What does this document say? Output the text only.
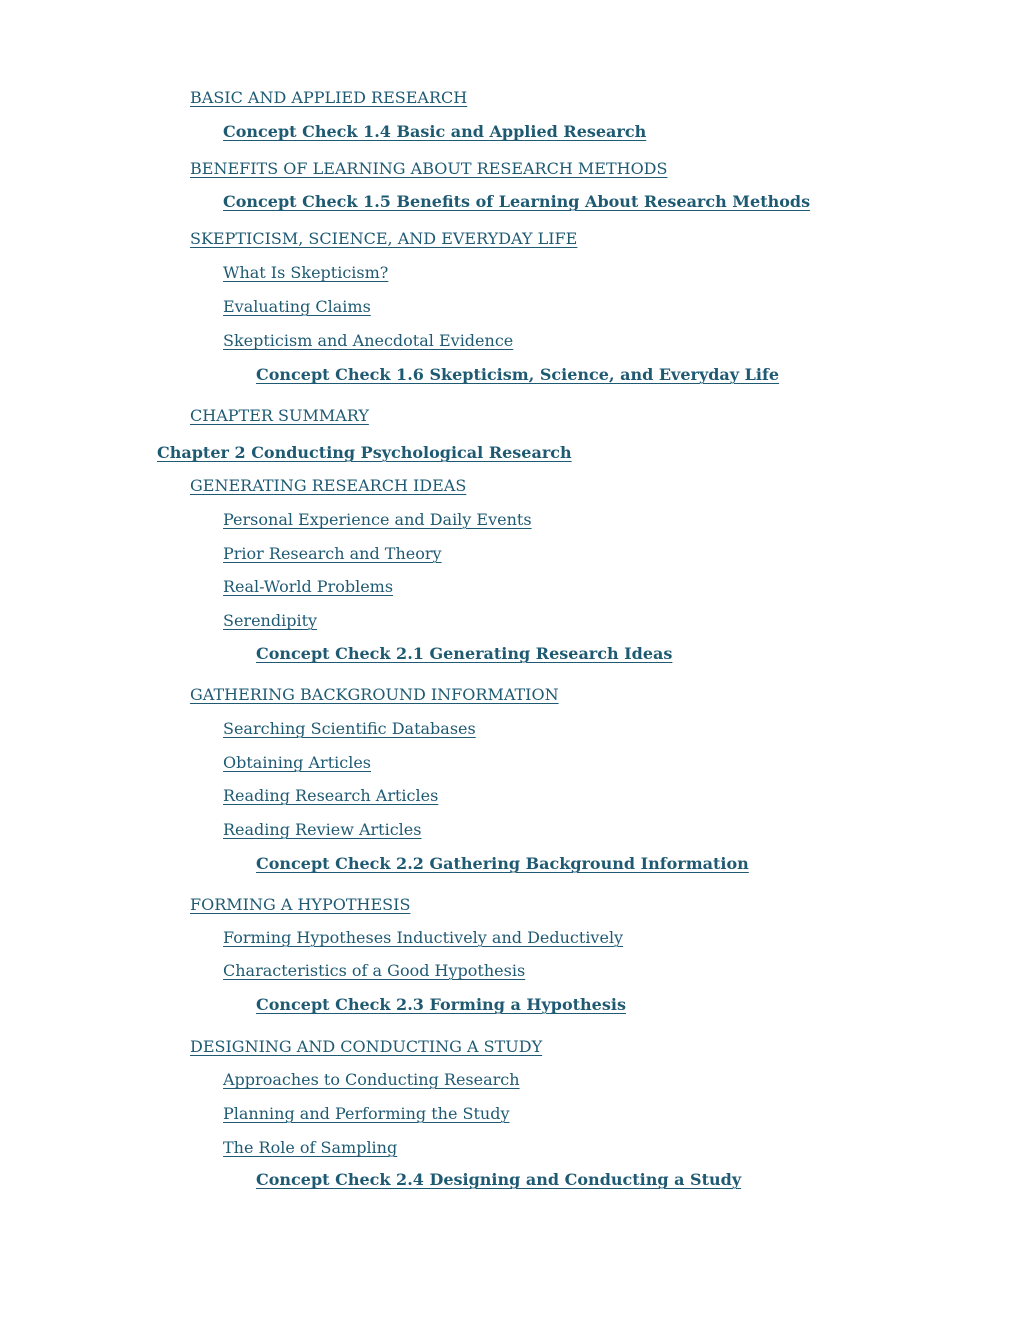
BASIC AND APPLIED RESEARCH
Concept Check 1.4 Basic and Applied Research
BENEFITS OF LEARNING ABOUT RESEARCH METHODS
Concept Check 1.5 Benefits of Learning About Research Methods
SKEPTICISM, SCIENCE, AND EVERYDAY LIFE
What Is Skepticism?
Evaluating Claims
Skepticism and Anecdotal Evidence
Concept Check 1.6 Skepticism, Science, and Everyday Life
CHAPTER SUMMARY
Chapter 2 Conducting Psychological Research
GENERATING RESEARCH IDEAS
Personal Experience and Daily Events
Prior Research and Theory
Real-World Problems
Serendipity
Concept Check 2.1 Generating Research Ideas
GATHERING BACKGROUND INFORMATION
Searching Scientific Databases
Obtaining Articles
Reading Research Articles
Reading Review Articles
Concept Check 2.2 Gathering Background Information
FORMING A HYPOTHESIS
Forming Hypotheses Inductively and Deductively
Characteristics of a Good Hypothesis
Concept Check 2.3 Forming a Hypothesis
DESIGNING AND CONDUCTING A STUDY
Approaches to Conducting Research
Planning and Performing the Study
The Role of Sampling
Concept Check 2.4 Designing and Conducting a Study
